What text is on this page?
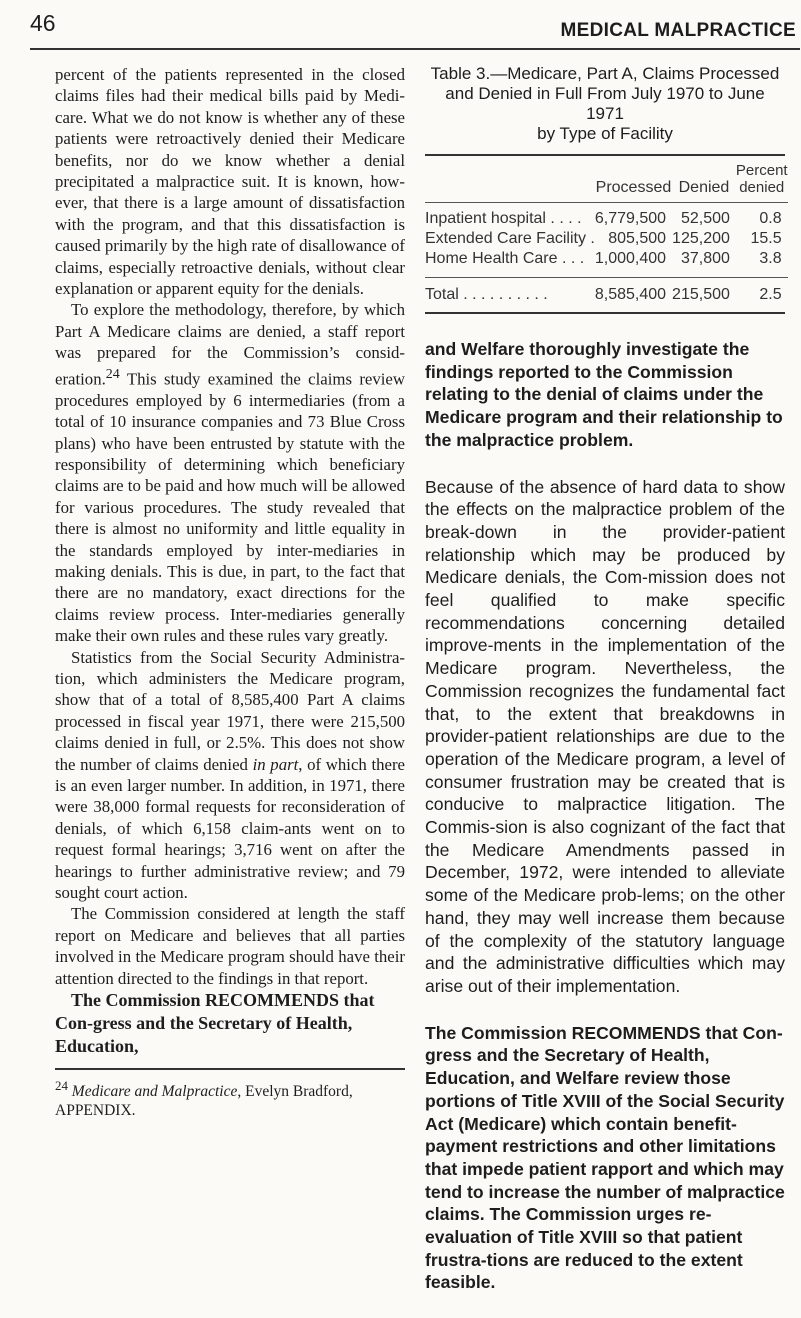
46	MEDICAL MALPRACTICE

percent of the patients represented in the closed claims files had their medical bills paid by Medi-care. What we do not know is whether any of these patients were retroactively denied their Medicare benefits, nor do we know whether a denial precipitated a malpractice suit. It is known, how-ever, that there is a large amount of dissatisfaction with the program, and that this dissatisfaction is caused primarily by the high rate of disallowance of claims, especially retroactive denials, without clear explanation or apparent equity for the denials.

To explore the methodology, therefore, by which Part A Medicare claims are denied, a staff report was prepared for the Commission’s consid-eration.$^{24}$ This study examined the claims review procedures employed by 6 intermediaries (from a total of 10 insurance companies and 73 Blue Cross plans) who have been entrusted by statute with the responsibility of determining which beneficiary claims are to be paid and how much will be allowed for various procedures. The study revealed that there is almost no uniformity and little equality in the standards employed by inter-mediaries in making denials. This is due, in part, to the fact that there are no mandatory, exact directions for the claims review process. Inter-mediaries generally make their own rules and these rules vary greatly.

Statistics from the Social Security Administra-tion, which administers the Medicare program, show that of a total of 8,585,400 Part A claims processed in fiscal year 1971, there were 215,500 claims denied in full, or 2.5%. This does not show the number of claims denied in part, of which there is an even larger number. In addition, in 1971, there were 38,000 formal requests for reconsideration of denials, of which 6,158 claim-ants went on to request formal hearings; 3,716 went on after the hearings to further administrative review; and 79 sought court action.

The Commission considered at length the staff report on Medicare and believes that all parties involved in the Medicare program should have their attention directed to the findings in that report.

The Commission RECOMMENDS that Con-gress and the Secretary of Health, Education,

$^{24}$ Medicare and Malpractice, Evelyn Bradford, APPENDIX.
Table 3.—Medicare, Part A, Claims Processed
and Denied in Full From July 1970 to June 1971
by Type of Facility
	Processed	Denied	Percent denied

Inpatient hospital . . . .	6,779,500	52,500	0.8
Extended Care Facility .	805,500	125,200	15.5
Home Health Care . . .	1,000,400	37,800	3.8

Total . . . . . . . . . .	8,585,400	215,500	2.5

and Welfare thoroughly investigate the findings reported to the Commission relating to the denial of claims under the Medicare program and their relationship to the malpractice problem.

Because of the absence of hard data to show the effects on the malpractice problem of the break-down in the provider-patient relationship which may be produced by Medicare denials, the Com-mission does not feel qualified to make specific recommendations concerning detailed improve-ments in the implementation of the Medicare program. Nevertheless, the Commission recognizes the fundamental fact that, to the extent that breakdowns in provider-patient relationships are due to the operation of the Medicare program, a level of consumer frustration may be created that is conducive to malpractice litigation. The Commis-sion is also cognizant of the fact that the Medicare Amendments passed in December, 1972, were intended to alleviate some of the Medicare prob-lems; on the other hand, they may well increase them because of the complexity of the statutory language and the administrative difficulties which may arise out of their implementation.

The Commission RECOMMENDS that Con-gress and the Secretary of Health, Education, and Welfare review those portions of Title XVIII of the Social Security Act (Medicare) which contain benefit-payment restrictions and other limitations that impede patient rapport and which may tend to increase the number of malpractice claims. The Commission urges re-evaluation of Title XVIII so that patient frustra-tions are reduced to the extent feasible.
